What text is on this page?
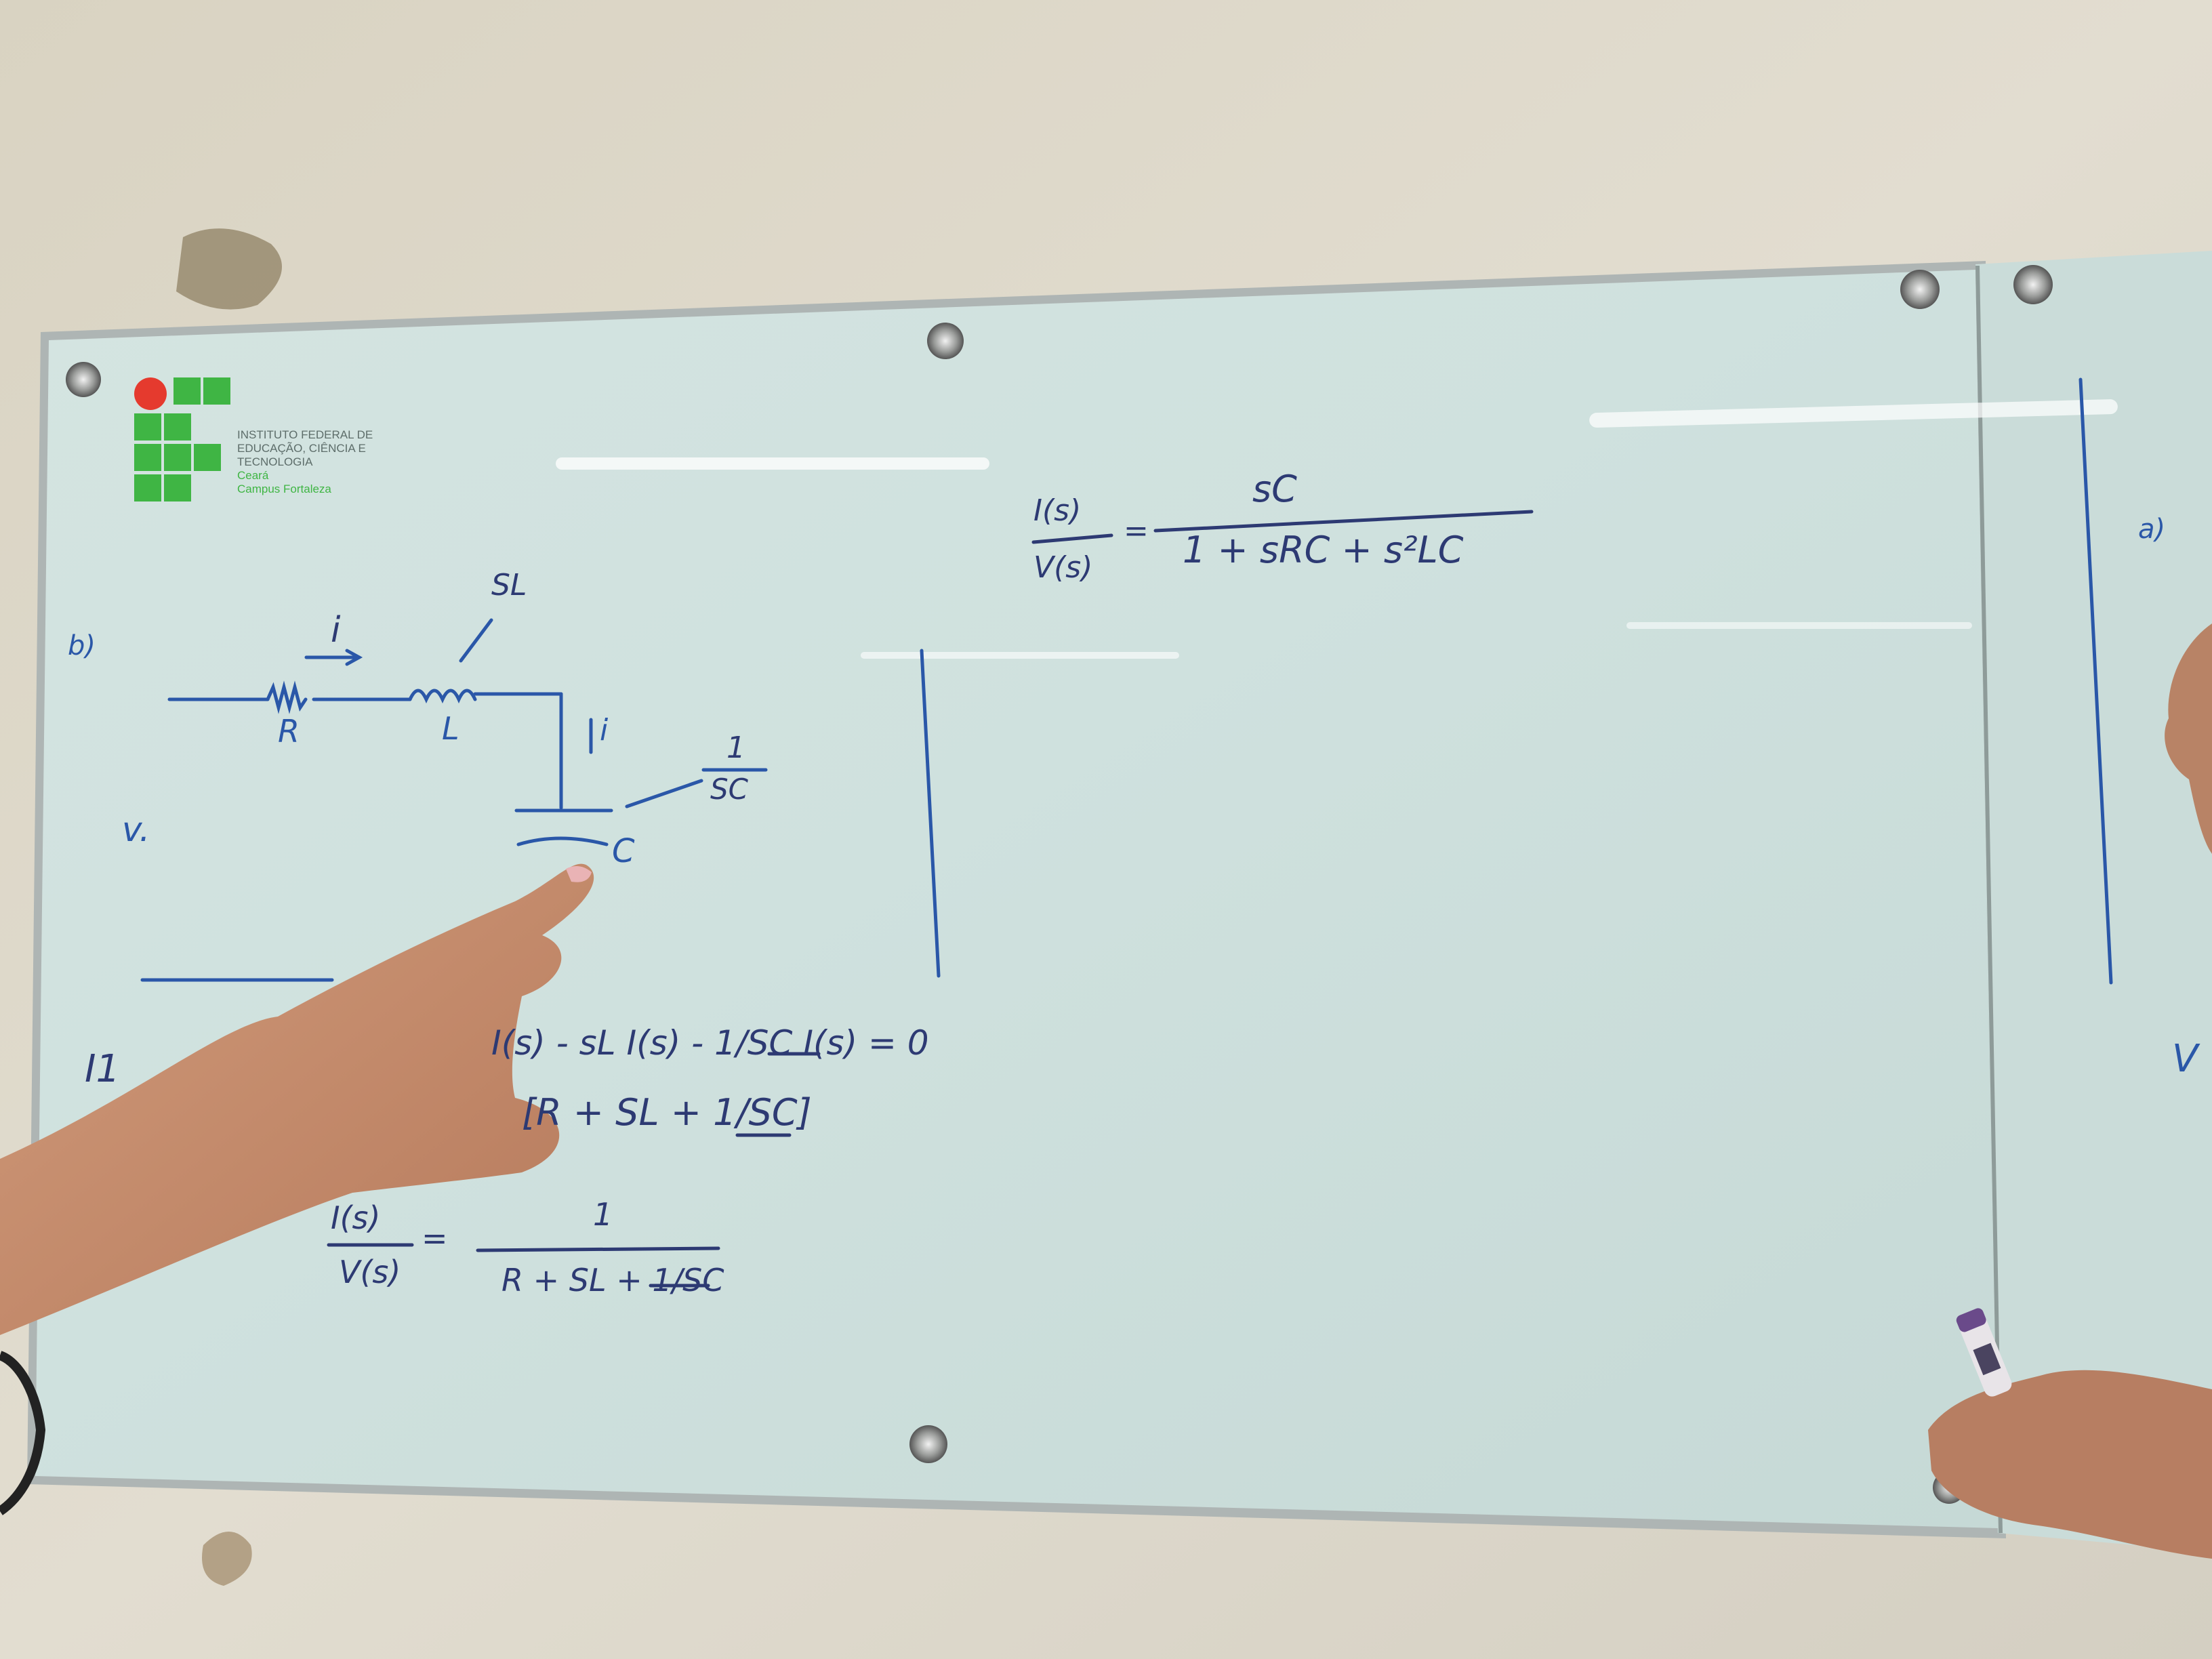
INSTITUTO FEDERAL DE
EDUCAÇÃO, CIÊNCIA E
TECNOLOGIA
Ceará
Campus Fortaleza
b)
a)
i
SL
R	L	i
1
SC
C
v.
I(s)
V(s)
=
sC
1 + sRC + s²LC
I(s) - sL I(s) - 1/SC I(s) = 0
[R + SL + 1/SC]
I1
I(s)
V(s)
=
1
R + SL + 1/SC
V
